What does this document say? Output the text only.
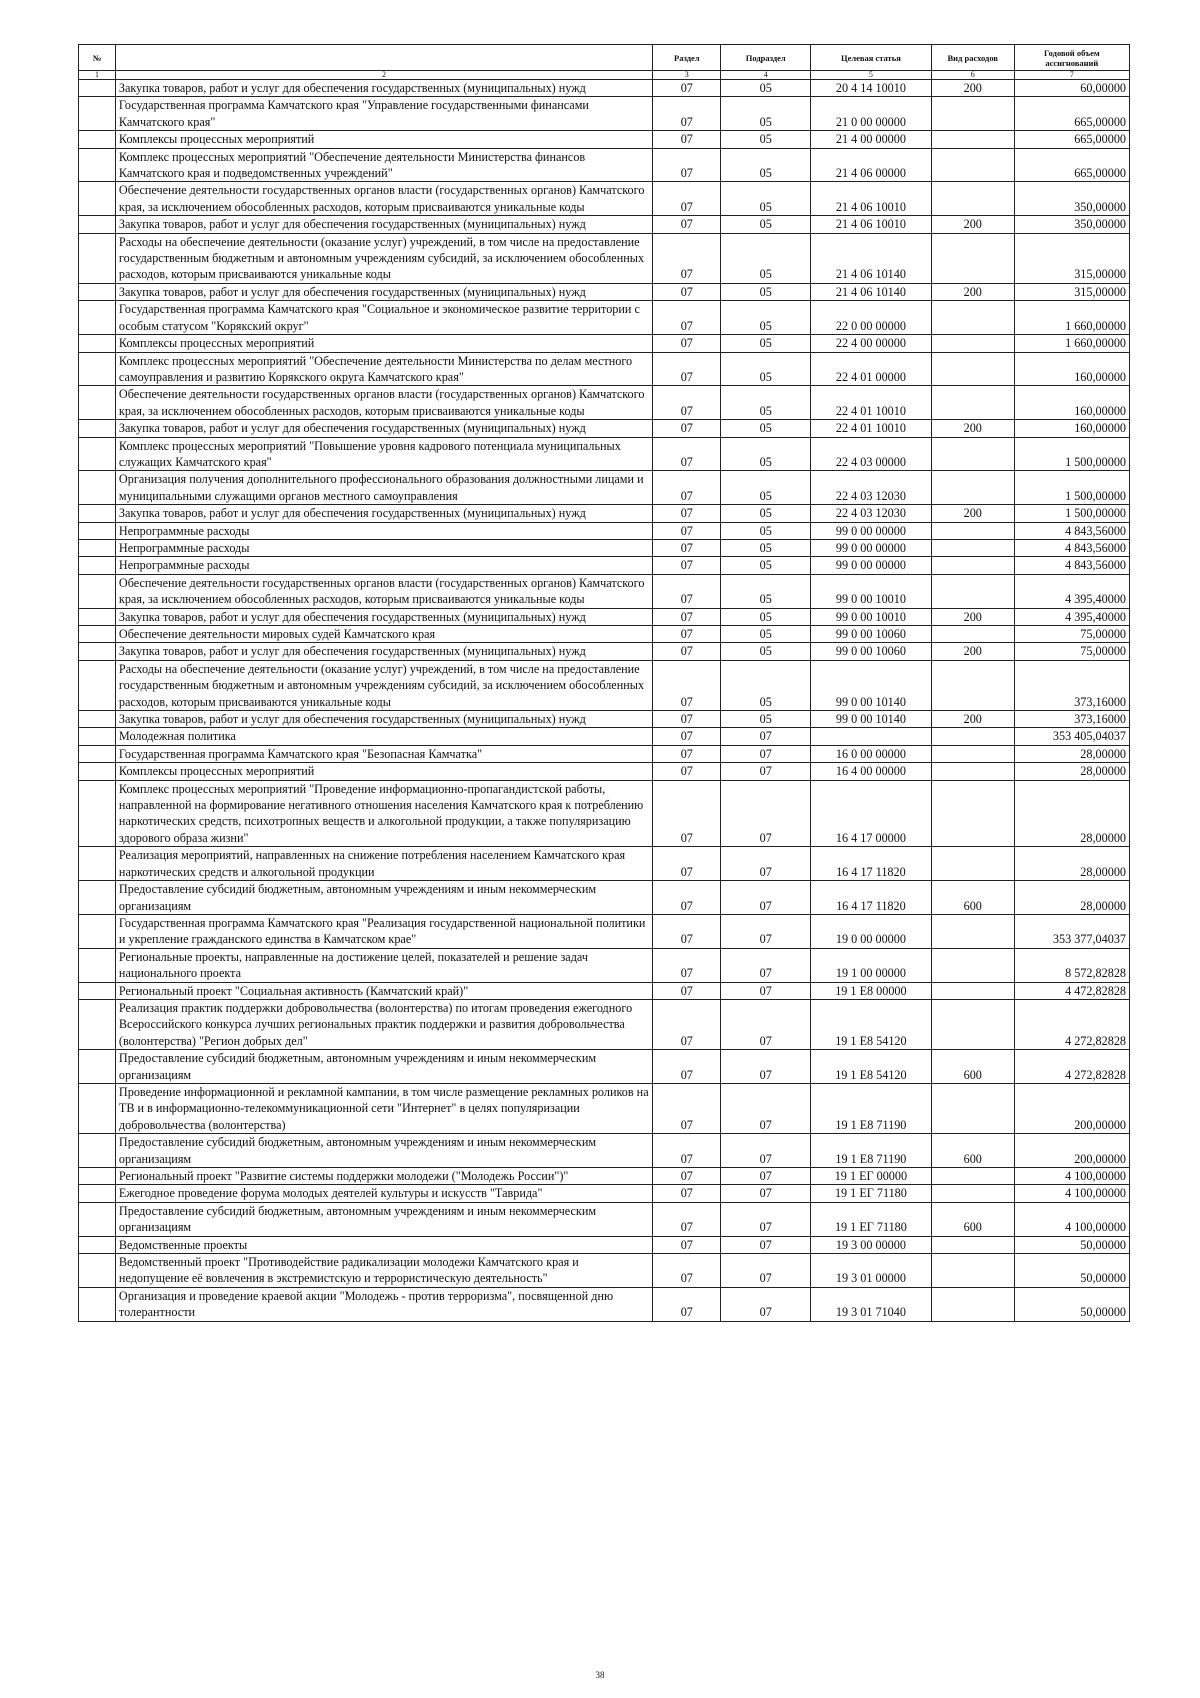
№		Раздел	Подраздел	Целевая статья	Вид расходов	Годовой объем ассигнований
1	2	3	4	5	6	7
	Закупка товаров, работ и услуг для обеспечения государственных (муниципальных) нужд	07	05	20 4 14 10010	200	60,00000
	Государственная программа Камчатского края "Управление государственными финансами Камчатского края"	07	05	21 0 00 00000		665,00000
	Комплексы процессных мероприятий	07	05	21 4 00 00000		665,00000
	Комплекс процессных мероприятий "Обеспечение деятельности Министерства финансов Камчатского края и подведомственных учреждений"	07	05	21 4 06 00000		665,00000
	Обеспечение деятельности государственных органов власти (государственных органов) Камчатского края, за исключением обособленных расходов, которым присваиваются уникальные коды	07	05	21 4 06 10010		350,00000
	Закупка товаров, работ и услуг для обеспечения государственных (муниципальных) нужд	07	05	21 4 06 10010	200	350,00000
	Расходы на обеспечение деятельности (оказание услуг) учреждений, в том числе на предоставление государственным бюджетным и автономным учреждениям субсидий, за исключением обособленных расходов, которым присваиваются уникальные коды	07	05	21 4 06 10140		315,00000
	Закупка товаров, работ и услуг для обеспечения государственных (муниципальных) нужд	07	05	21 4 06 10140	200	315,00000
	Государственная программа Камчатского края "Социальное и экономическое развитие территории с особым статусом "Корякский округ"	07	05	22 0 00 00000		1 660,00000
	Комплексы процессных мероприятий	07	05	22 4 00 00000		1 660,00000
	Комплекс процессных мероприятий "Обеспечение деятельности Министерства по делам местного самоуправления и развитию Корякского округа Камчатского края"	07	05	22 4 01 00000		160,00000
	Обеспечение деятельности государственных органов власти (государственных органов) Камчатского края, за исключением обособленных расходов, которым присваиваются уникальные коды	07	05	22 4 01 10010		160,00000
	Закупка товаров, работ и услуг для обеспечения государственных (муниципальных) нужд	07	05	22 4 01 10010	200	160,00000
	Комплекс процессных мероприятий "Повышение уровня кадрового потенциала муниципальных служащих Камчатского края"	07	05	22 4 03 00000		1 500,00000
	Организация получения дополнительного профессионального образования должностными лицами и муниципальными служащими органов местного самоуправления	07	05	22 4 03 12030		1 500,00000
	Закупка товаров, работ и услуг для обеспечения государственных (муниципальных) нужд	07	05	22 4 03 12030	200	1 500,00000
	Непрограммные расходы	07	05	99 0 00 00000		4 843,56000
	Непрограммные расходы	07	05	99 0 00 00000		4 843,56000
	Непрограммные расходы	07	05	99 0 00 00000		4 843,56000
	Обеспечение деятельности государственных органов власти (государственных органов) Камчатского края, за исключением обособленных расходов, которым присваиваются уникальные коды	07	05	99 0 00 10010		4 395,40000
	Закупка товаров, работ и услуг для обеспечения государственных (муниципальных) нужд	07	05	99 0 00 10010	200	4 395,40000
	Обеспечение деятельности мировых судей Камчатского края	07	05	99 0 00 10060		75,00000
	Закупка товаров, работ и услуг для обеспечения государственных (муниципальных) нужд	07	05	99 0 00 10060	200	75,00000
	Расходы на обеспечение деятельности (оказание услуг) учреждений, в том числе на предоставление государственным бюджетным и автономным учреждениям субсидий, за исключением обособленных расходов, которым присваиваются уникальные коды	07	05	99 0 00 10140		373,16000
	Закупка товаров, работ и услуг для обеспечения государственных (муниципальных) нужд	07	05	99 0 00 10140	200	373,16000
	Молодежная политика	07	07			353 405,04037
	Государственная программа Камчатского края "Безопасная Камчатка"	07	07	16 0 00 00000		28,00000
	Комплексы процессных мероприятий	07	07	16 4 00 00000		28,00000
	Комплекс процессных мероприятий "Проведение информационно-пропагандистской работы, направленной на формирование негативного отношения населения Камчатского края к потреблению наркотических средств, психотропных веществ и алкогольной продукции, а также популяризацию здорового образа жизни"	07	07	16 4 17 00000		28,00000
	Реализация мероприятий, направленных на снижение потребления населением Камчатского края наркотических средств и алкогольной продукции	07	07	16 4 17 11820		28,00000
	Предоставление субсидий бюджетным, автономным учреждениям и иным некоммерческим организациям	07	07	16 4 17 11820	600	28,00000
	Государственная программа Камчатского края "Реализация государственной национальной политики и укрепление гражданского единства в Камчатском крае"	07	07	19 0 00 00000		353 377,04037
	Региональные проекты, направленные на достижение целей, показателей и решение задач национального проекта	07	07	19 1 00 00000		8 572,82828
	Региональный проект "Социальная активность (Камчатский край)"	07	07	19 1 E8 00000		4 472,82828
	Реализация практик поддержки добровольчества (волонтерства) по итогам проведения ежегодного Всероссийского конкурса лучших региональных практик поддержки и развития добровольчества (волонтерства) "Регион добрых дел"	07	07	19 1 E8 54120		4 272,82828
	Предоставление субсидий бюджетным, автономным учреждениям и иным некоммерческим организациям	07	07	19 1 E8 54120	600	4 272,82828
	Проведение информационной и рекламной кампании, в том числе размещение рекламных роликов на ТВ и в информационно-телекоммуникационной сети "Интернет" в целях популяризации добровольчества (волонтерства)	07	07	19 1 E8 71190		200,00000
	Предоставление субсидий бюджетным, автономным учреждениям и иным некоммерческим организациям	07	07	19 1 E8 71190	600	200,00000
	Региональный проект "Развитие системы поддержки молодежи ("Молодежь России")"	07	07	19 1 EГ 00000		4 100,00000
	Ежегодное проведение форума молодых деятелей культуры и искусств "Таврида"	07	07	19 1 EГ 71180		4 100,00000
	Предоставление субсидий бюджетным, автономным учреждениям и иным некоммерческим организациям	07	07	19 1 EГ 71180	600	4 100,00000
	Ведомственные проекты	07	07	19 3 00 00000		50,00000
	Ведомственный проект "Противодействие радикализации молодежи Камчатского края и недопущение её вовлечения в экстремистскую и террористическую деятельность"	07	07	19 3 01 00000		50,00000
	Организация и проведение краевой акции "Молодежь - против терроризма", посвященной дню толерантности	07	07	19 3 01 71040		50,00000
38
